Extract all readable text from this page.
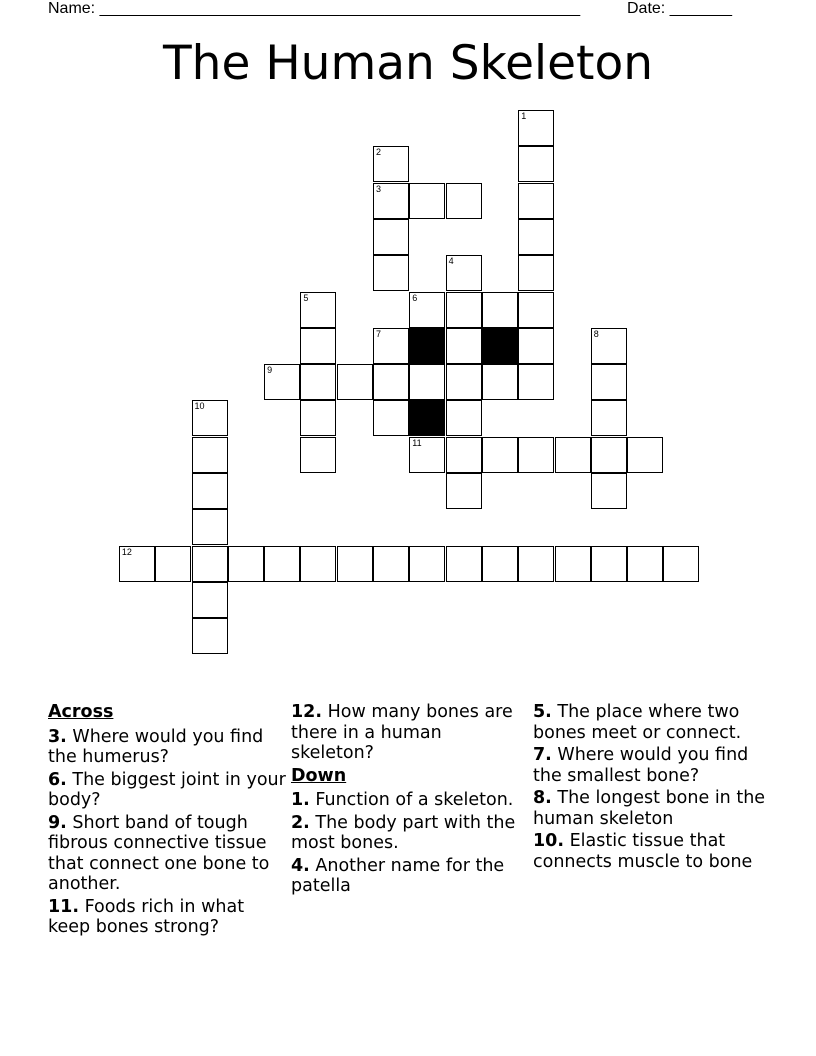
Name: ______________________________________________________	Date: _______
The Human Skeleton
1
2
3
4
6
5
7	8
9
10
11
12
Across
3. Where would you find the humerus?
6. The biggest joint in your body?
9. Short band of tough fibrous connective tissue that connect one bone to another.
11. Foods rich in what keep bones strong?
12. How many bones are there in a human skeleton?
Down
1. Function of a skeleton.
2. The body part with the most bones.
4. Another name for the patella
5. The place where two bones meet or connect.
7. Where would you find the smallest bone?
8. The longest bone in the human skeleton
10. Elastic tissue that connects muscle to bone
